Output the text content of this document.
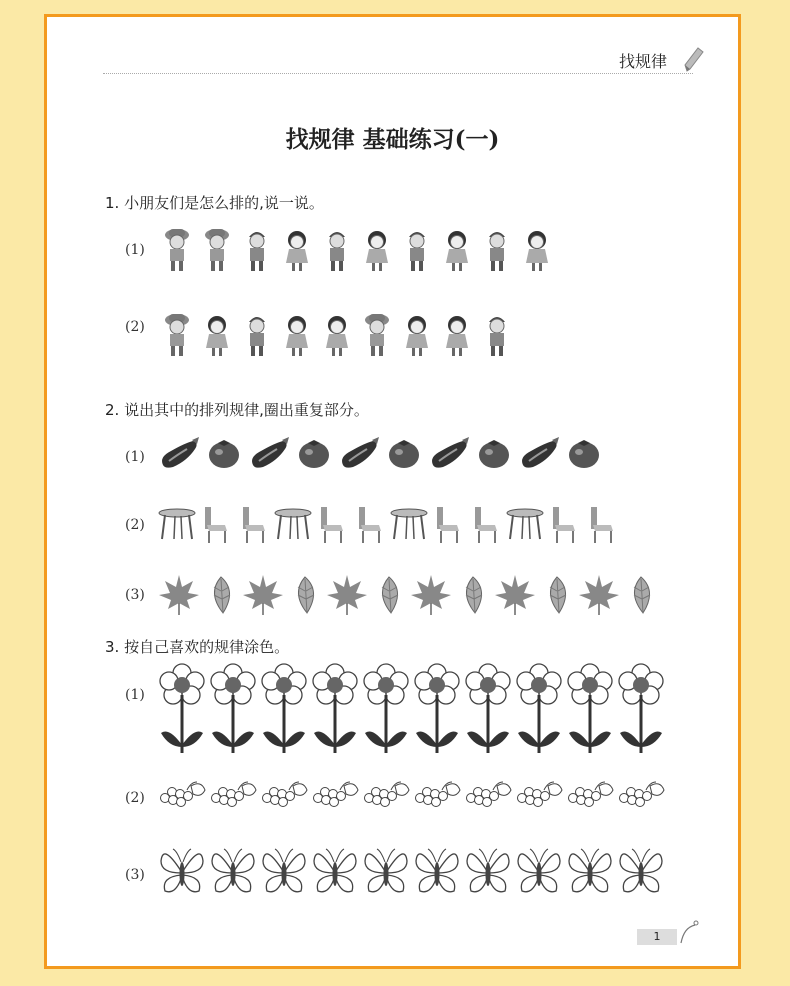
找规律
找规律 基础练习(一)
1. 小朋友们是怎么排的,说一说。
(1)
(2)
2. 说出其中的排列规律,圈出重复部分。
(1)
(2)
(3)
3. 按自己喜欢的规律涂色。
(1)
(2)
(3)
1
